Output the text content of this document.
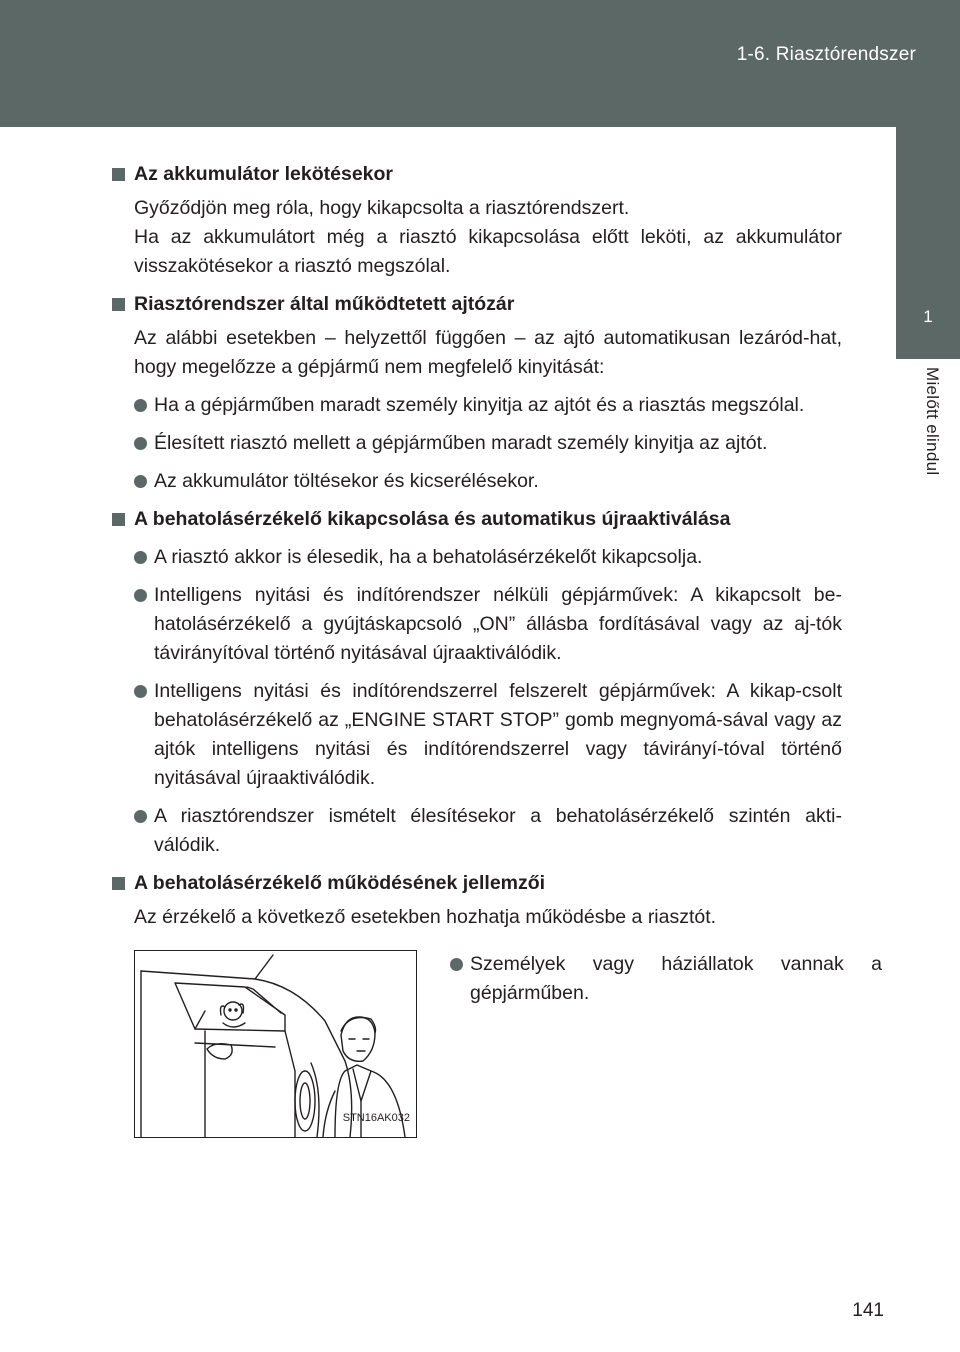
1-6. Riasztórendszer
1
Mielőtt elindul
Az akkumulátor lekötésekor
Győződjön meg róla, hogy kikapcsolta a riasztórendszert.
Ha az akkumulátort még a riasztó kikapcsolása előtt leköti, az akkumulátor visszakötésekor a riasztó megszólal.
Riasztórendszer által működtetett ajtózár
Az alábbi esetekben – helyzettől függően – az ajtó automatikusan lezáród-hat, hogy megelőzze a gépjármű nem megfelelő kinyitását:
Ha a gépjárműben maradt személy kinyitja az ajtót és a riasztás megszólal.
Élesített riasztó mellett a gépjárműben maradt személy kinyitja az ajtót.
Az akkumulátor töltésekor és kicserélésekor.
A behatolásérzékelő kikapcsolása és automatikus újraaktiválása
A riasztó akkor is élesedik, ha a behatolásérzékelőt kikapcsolja.
Intelligens nyitási és indítórendszer nélküli gépjárművek: A kikapcsolt be-hatolásérzékelő a gyújtáskapcsoló „ON” állásba fordításával vagy az aj-tók távirányítóval történő nyitásával újraaktiválódik.
Intelligens nyitási és indítórendszerrel felszerelt gépjárművek: A kikap-csolt behatolásérzékelő az „ENGINE START STOP” gomb megnyomá-sával vagy az ajtók intelligens nyitási és indítórendszerrel vagy távirányí-tóval történő nyitásával újraaktiválódik.
A riasztórendszer ismételt élesítésekor a behatolásérzékelő szintén akti-válódik.
A behatolásérzékelő működésének jellemzői
Az érzékelő a következő esetekben hozhatja működésbe a riasztót.
STN16AK032
Személyek vagy háziállatok vannak a gépjárműben.
141
